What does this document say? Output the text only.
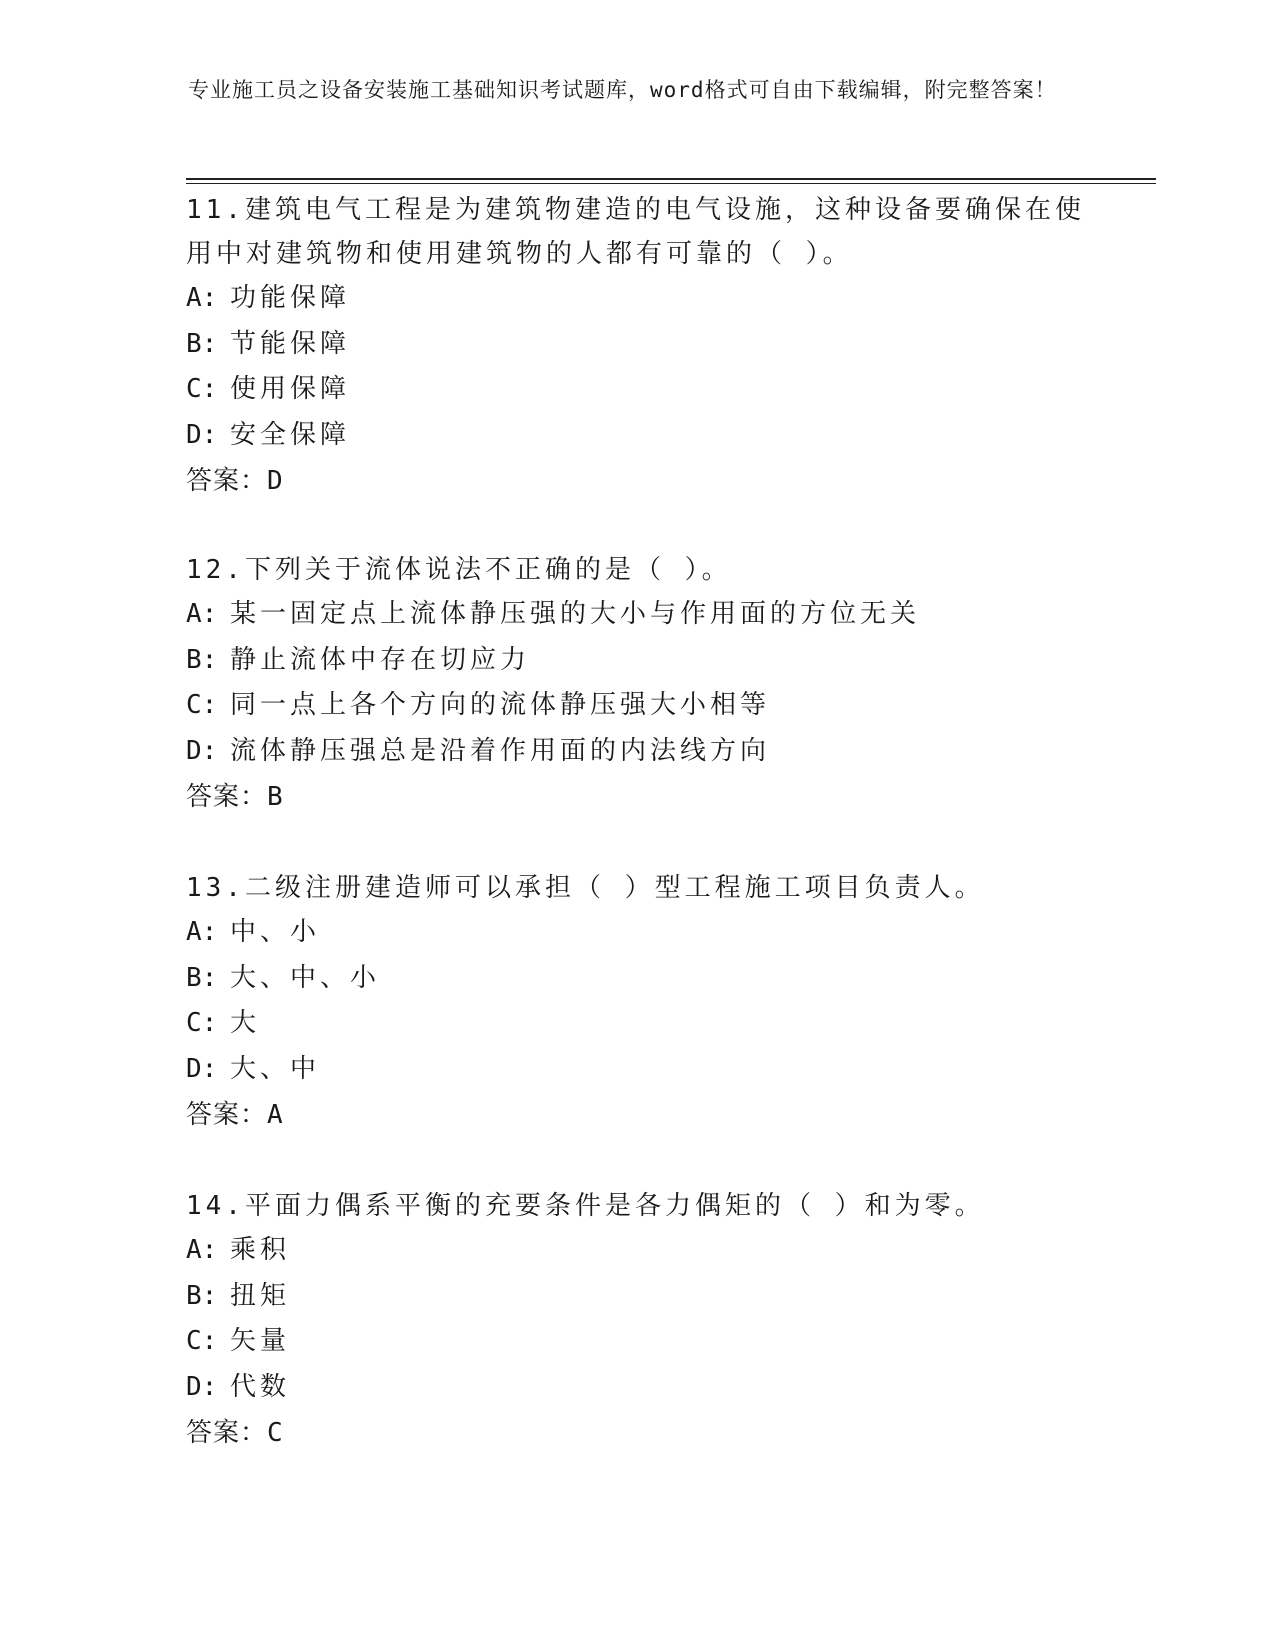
专业施工员之设备安装施工基础知识考试题库，word格式可自由下载编辑，附完整答案！

11.建筑电气工程是为建筑物建造的电气设施，这种设备要确保在使用中对建筑物和使用建筑物的人都有可靠的（ ）。

A: 功能保障
B: 节能保障
C: 使用保障
D: 安全保障
答案：D

12.下列关于流体说法不正确的是（ ）。

A: 某一固定点上流体静压强的大小与作用面的方位无关
B: 静止流体中存在切应力
C: 同一点上各个方向的流体静压强大小相等
D: 流体静压强总是沿着作用面的内法线方向
答案：B

13.二级注册建造师可以承担（ ）型工程施工项目负责人。

A: 中、小
B: 大、中、小
C: 大
D: 大、中
答案：A

14.平面力偶系平衡的充要条件是各力偶矩的（ ）和为零。

A: 乘积
B: 扭矩
C: 矢量
D: 代数
答案：C
